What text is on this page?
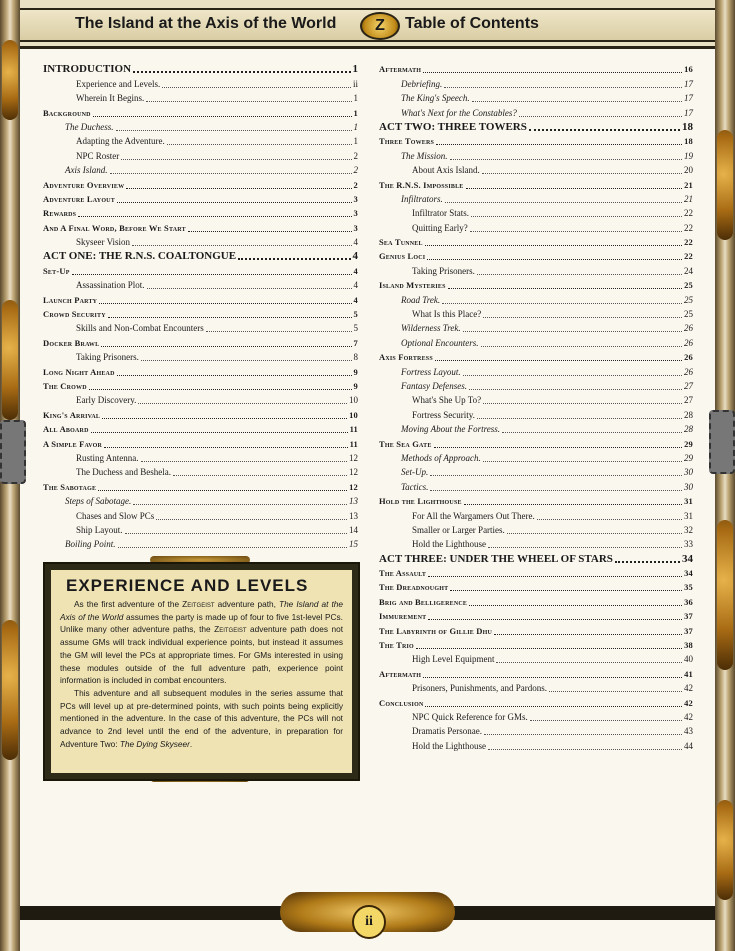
The Island at the Axis of the World	Z	Table of Contents
INTRODUCTION	1
Experience and Levels.	ii
Wherein It Begins.	1
Background	1
The Duchess.	1
Adapting the Adventure.	1
NPC Roster	2
Axis Island.	2
Adventure Overview	2
Adventure Layout	3
Rewards	3
And A Final Word, Before We Start	3
Skyseer Vision	4
ACT ONE: THE R.N.S. COALTONGUE	4
Set-Up	4
Assassination Plot.	4
Launch Party	4
Crowd Security	5
Skills and Non-Combat Encounters	5
Docker Brawl	7
Taking Prisoners.	8
Long Night Ahead	9
The Crowd	9
Early Discovery.	10
King's Arrival	10
All Aboard	11
A Simple Favor	11
Rusting Antenna.	12
The Duchess and Beshela.	12
The Sabotage	12
Steps of Sabotage.	13
Chases and Slow PCs	13
Ship Layout.	14
Boiling Point.	15
Aftermath	16
Debriefing.	17
The King's Speech.	17
What's Next for the Constables?	17
ACT TWO: THREE TOWERS	18
Three Towers	18
The Mission.	19
About Axis Island.	20
The R.N.S. Impossible	21
Infiltrators.	21
Infiltrator Stats.	22
Quitting Early?	22
Sea Tunnel	22
Genius Loci	22
Taking Prisoners.	24
Island Mysteries	25
Road Trek.	25
What Is this Place?	25
Wilderness Trek.	26
Optional Encounters.	26
Axis Fortress	26
Fortress Layout.	26
Fantasy Defenses.	27
What's She Up To?	27
Fortress Security.	28
Moving About the Fortress.	28
The Sea Gate	29
Methods of Approach.	29
Set-Up.	30
Tactics.	30
Hold the Lighthouse	31
For All the Wargamers Out There.	31
Smaller or Larger Parties.	32
Hold the Lighthouse	33
ACT THREE: UNDER THE WHEEL OF STARS	34
The Assault	34
The Dreadnought	35
Brig and Belligerence	36
Immurement	37
The Labyrinth of Gillie Dhu	37
The Trio	38
High Level Equipment	40
Aftermath	41
Prisoners, Punishments, and Pardons.	42
Conclusion	42
NPC Quick Reference for GMs.	42
Dramatis Personae.	43
Hold the Lighthouse	44
EXPERIENCE AND LEVELS

As the first adventure of the Zeitgeist adventure path, The Island at the Axis of the World assumes the party is made up of four to five 1st-level PCs. Unlike many other adventure paths, the Zeitgeist adventure path does not assume GMs will track individual experience points, but instead it assumes the GM will level the PCs at appropriate times. For GMs interested in using these modules outside of the full adventure path, experience point information is included in combat encounters.

This adventure and all subsequent modules in the series assume that PCs will level up at pre-determined points, with such points being explicitly mentioned in the adventure. In the case of this adventure, the PCs will not advance to 2nd level until the end of the adventure, in preparation for Adventure Two: The Dying Skyseer.

ii
